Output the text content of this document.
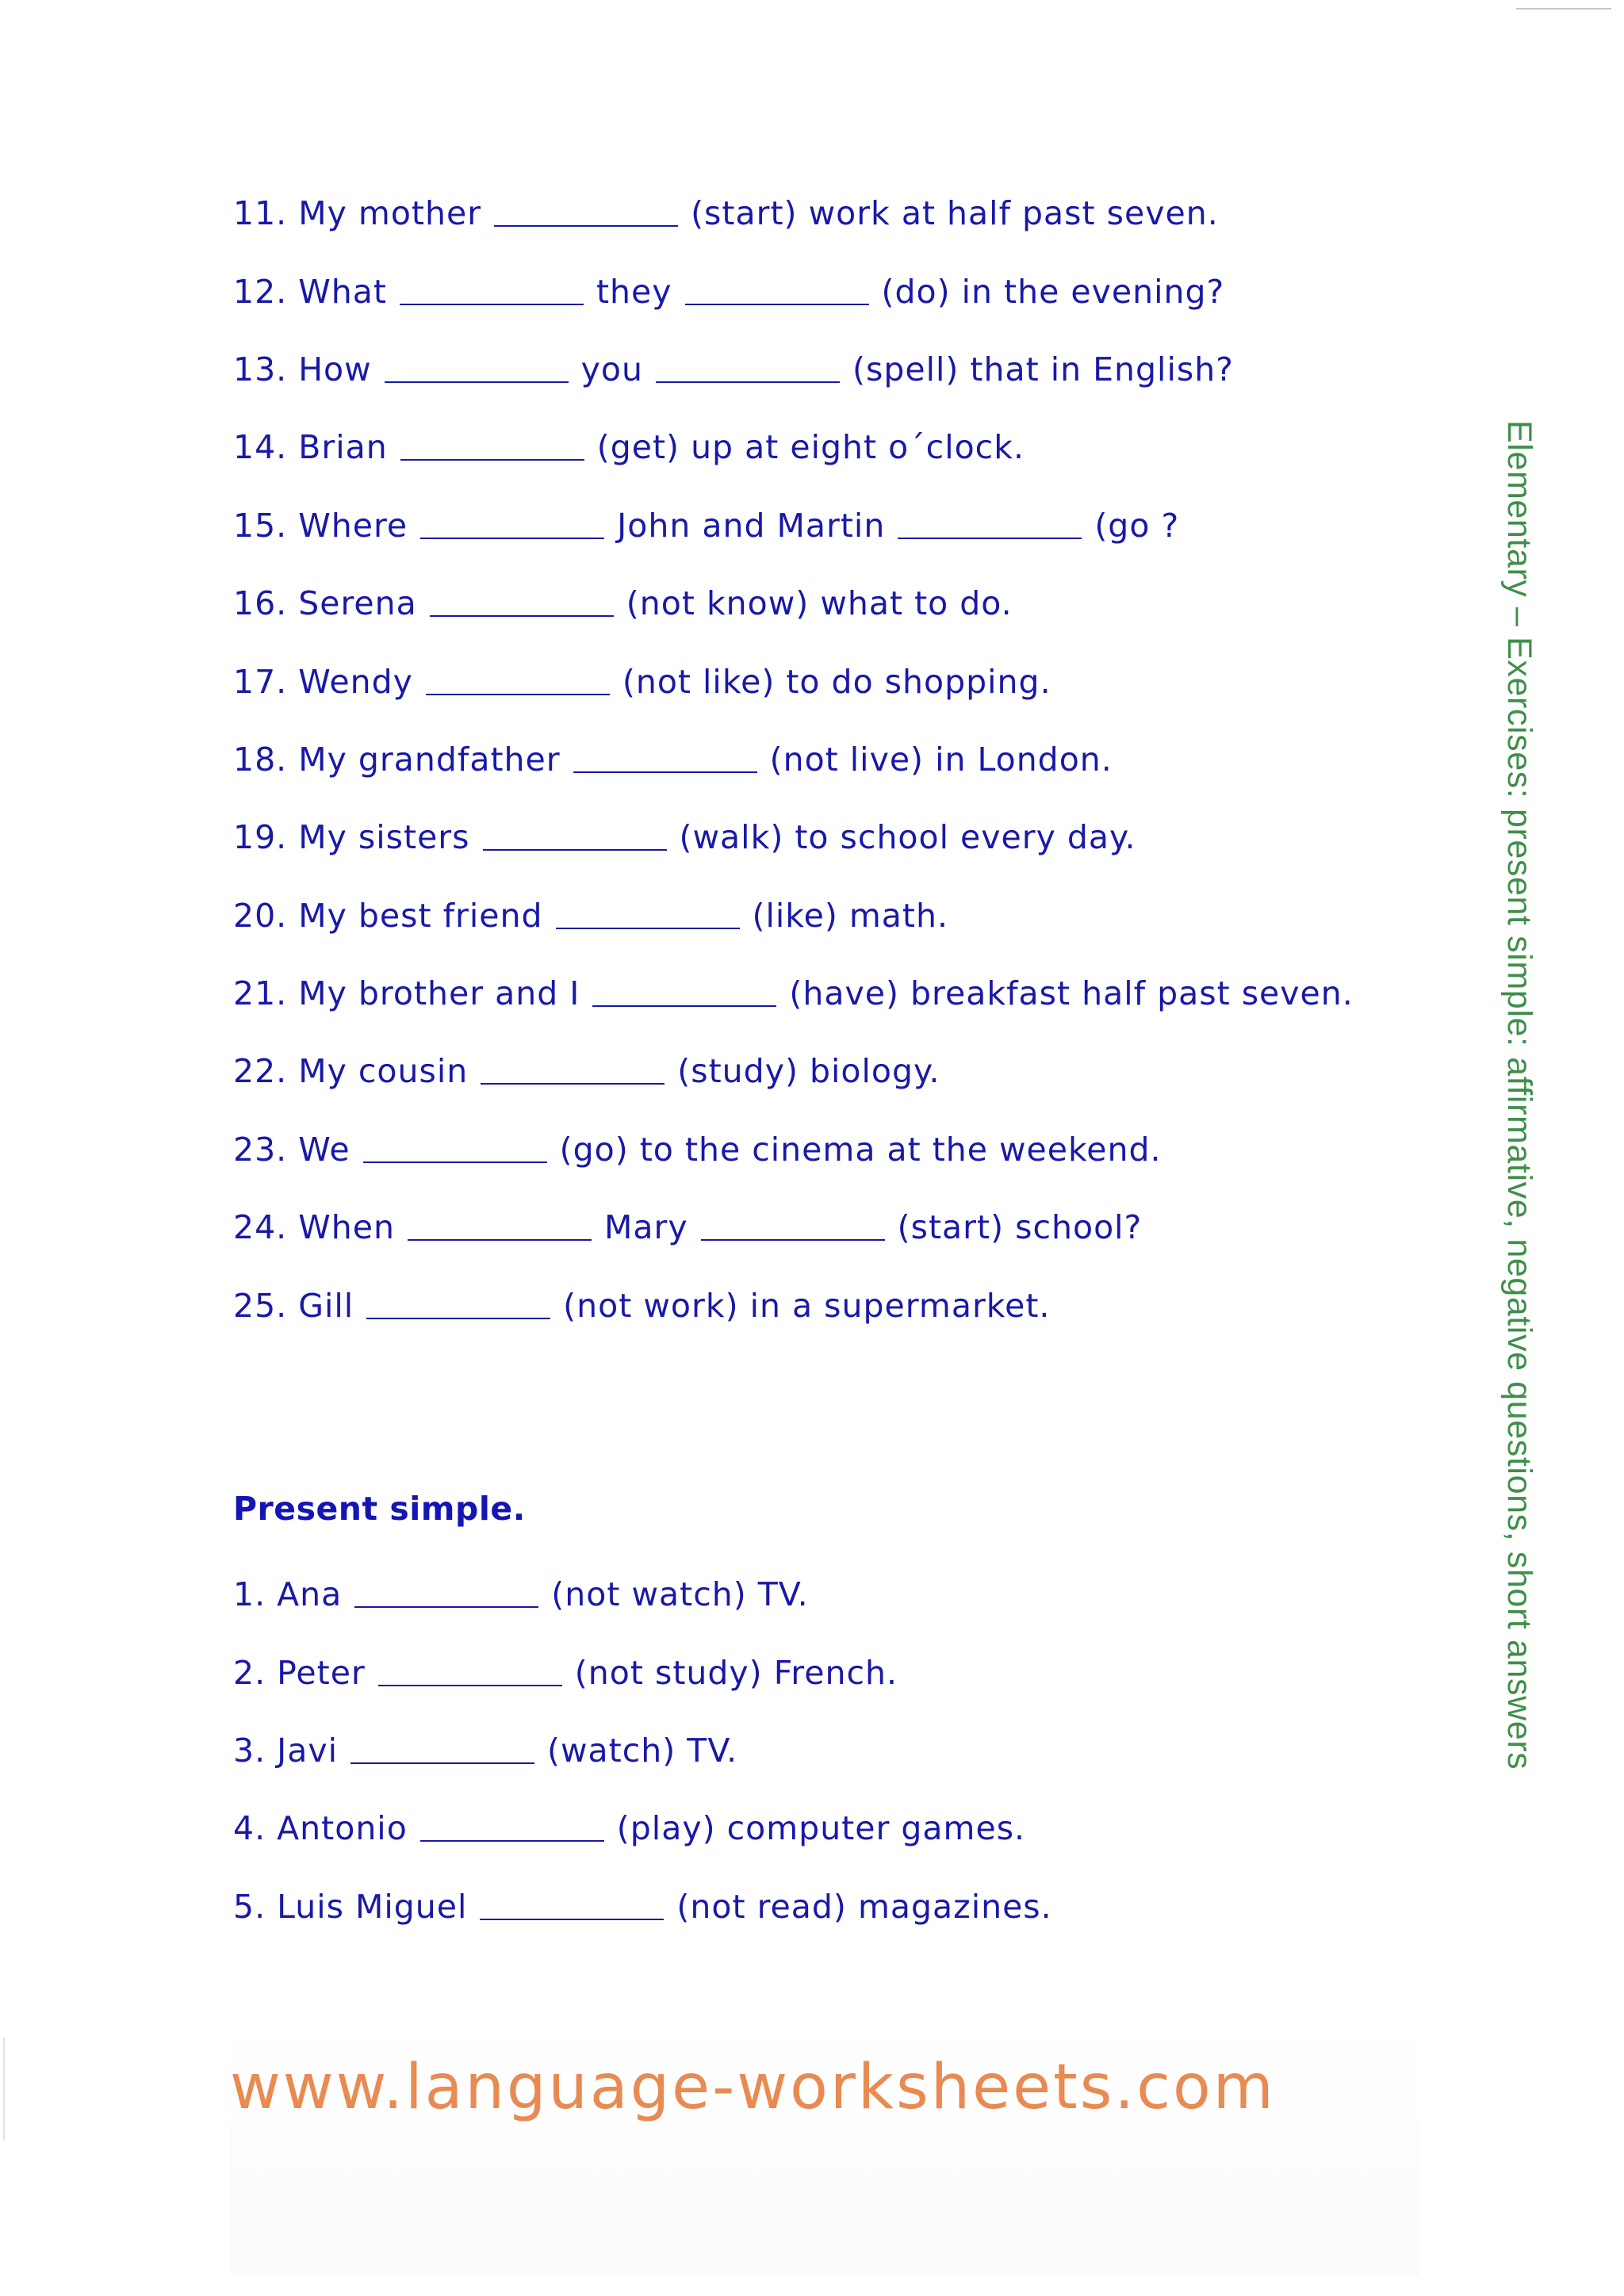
11. My mother	(start) work at half past seven.
12. What	they	(do) in the evening?
13. How	you	(spell) that in English?
14. Brian	(get) up at eight o´clock.
15. Where	John and Martin	(go ?
16. Serena	(not know) what to do.
17. Wendy	(not like) to do shopping.
18. My grandfather	(not live) in London.
19. My sisters	(walk) to school every day.
20. My best friend	(like) math.
21. My brother and I	(have) breakfast half past seven.
22. My cousin	(study) biology.
23. We	(go) to the cinema at the weekend.
24. When	Mary	(start) school?
25. Gill	(not work) in a supermarket.
Present simple.
1. Ana	(not watch) TV.
2. Peter	(not study) French.
3. Javi	(watch) TV.
4. Antonio	(play) computer games.
5. Luis Miguel	(not read) magazines.
Elementary – Exercises: present simple: affirmative, negative questions, short answers
www.language-worksheets.com
